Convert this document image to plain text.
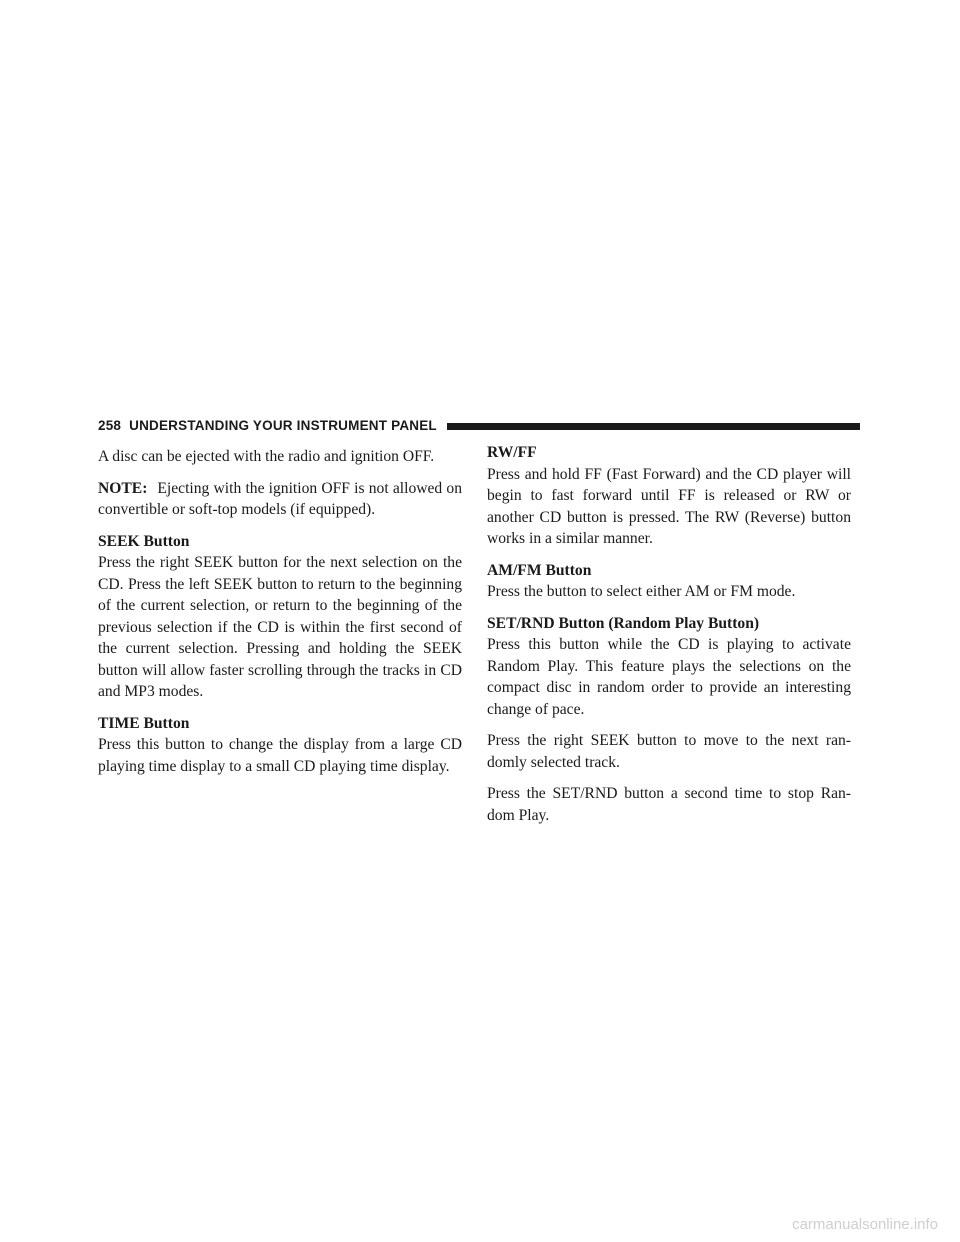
258 UNDERSTANDING YOUR INSTRUMENT PANEL

A disc can be ejected with the radio and ignition OFF.

NOTE: Ejecting with the ignition OFF is not allowed on convertible or soft-top models (if equipped).

SEEK Button

Press the right SEEK button for the next selection on the CD. Press the left SEEK button to return to the beginning of the current selection, or return to the beginning of the previous selection if the CD is within the first second of the current selection. Pressing and holding the SEEK button will allow faster scrolling through the tracks in CD and MP3 modes.

TIME Button

Press this button to change the display from a large CD playing time display to a small CD playing time display.

RW/FF

Press and hold FF (Fast Forward) and the CD player will begin to fast forward until FF is released or RW or another CD button is pressed. The RW (Reverse) button works in a similar manner.

AM/FM Button

Press the button to select either AM or FM mode.

SET/RND Button (Random Play Button)

Press this button while the CD is playing to activate Random Play. This feature plays the selections on the compact disc in random order to provide an interesting change of pace.

Press the right SEEK button to move to the next ran- domly selected track.

Press the SET/RND button a second time to stop Ran- dom Play.

carmanualsonline.info
